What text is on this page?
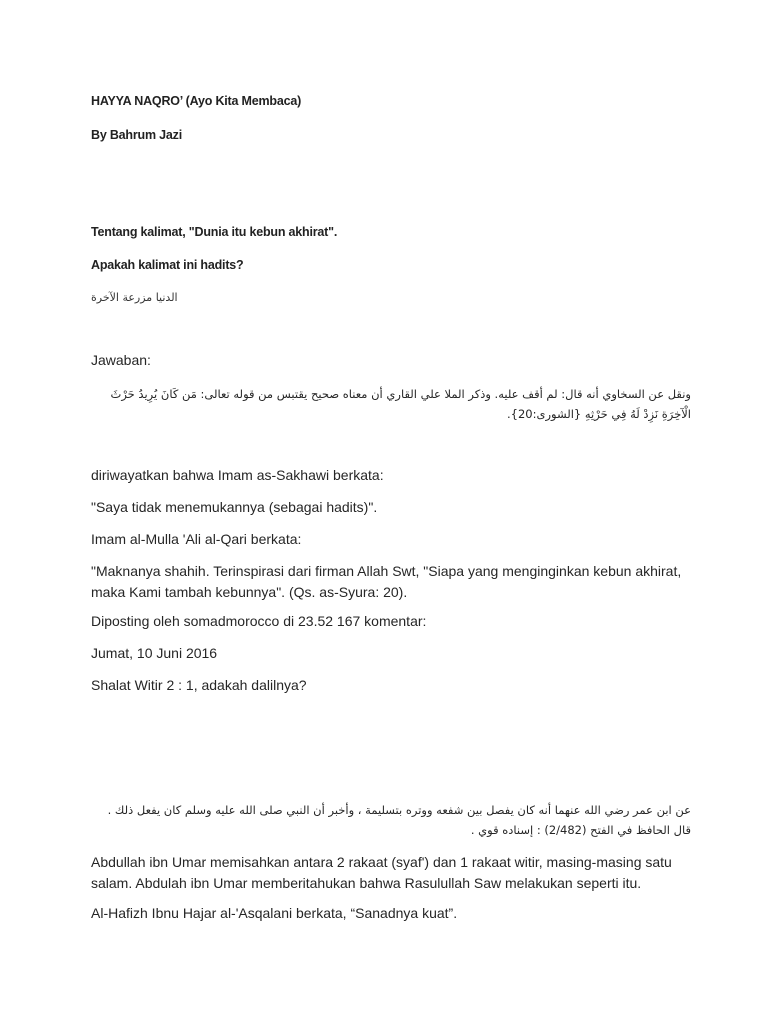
HAYYA NAQRO’ (Ayo Kita Membaca)
By Bahrum Jazi
Tentang kalimat, "Dunia itu kebun akhirat".
Apakah kalimat ini hadits?
الدنيا مزرعة الآخرة
Jawaban:
ونقل عن السخاوي أنه قال: لم أقف عليه. وذكر الملا علي القاري أن معناه صحيح يقتبس من قوله تعالى: مَن كَانَ يُرِيدُ حَرْثَ الْآخِرَةِ نَزِدْ لَهُ فِي حَرْثِهِ {الشورى:20}.
diriwayatkan bahwa Imam as-Sakhawi berkata:
"Saya tidak menemukannya (sebagai hadits)".
Imam al-Mulla 'Ali al-Qari berkata:
"Maknanya shahih. Terinspirasi dari firman Allah Swt, "Siapa yang menginginkan kebun akhirat, maka Kami tambah kebunnya". (Qs. as-Syura: 20).
Diposting oleh somadmorocco di 23.52 167 komentar:
Jumat, 10 Juni 2016
Shalat Witir 2 : 1, adakah dalilnya?
عن ابن عمر رضي الله عنهما أنه كان يفصل بين شفعه ووتره بتسليمة ، وأخبر أن النبي صلى الله عليه وسلم كان يفعل ذلك . قال الحافظ في الفتح (2/482) : إسناده قوي .
Abdullah ibn Umar memisahkan antara 2 rakaat (syaf') dan 1 rakaat witir, masing-masing satu salam. Abdulah ibn Umar memberitahukan bahwa Rasulullah Saw melakukan seperti itu.
Al-Hafizh Ibnu Hajar al-'Asqalani berkata, “Sanadnya kuat”.
